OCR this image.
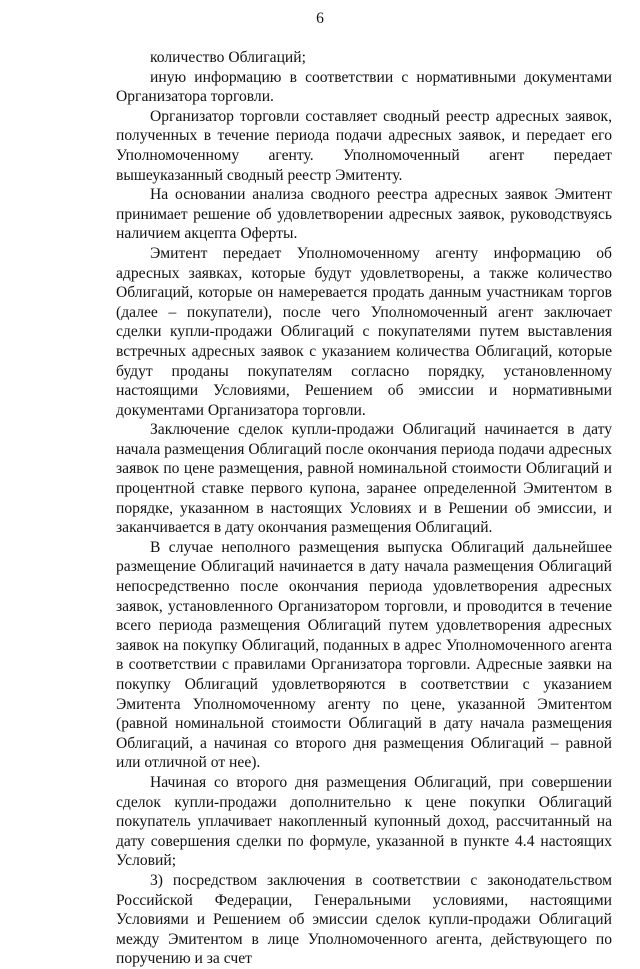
6

количество Облигаций;

иную информацию в соответствии с нормативными документами Организатора торговли.

Организатор торговли составляет сводный реестр адресных заявок, полученных в течение периода подачи адресных заявок, и передает его Уполномоченному агенту. Уполномоченный агент передает вышеуказанный сводный реестр Эмитенту.

На основании анализа сводного реестра адресных заявок Эмитент принимает решение об удовлетворении адресных заявок, руководствуясь наличием акцепта Оферты.

Эмитент передает Уполномоченному агенту информацию об адресных заявках, которые будут удовлетворены, а также количество Облигаций, которые он намеревается продать данным участникам торгов (далее – покупатели), после чего Уполномоченный агент заключает сделки купли-продажи Облигаций с покупателями путем выставления встречных адресных заявок с указанием количества Облигаций, которые будут проданы покупателям согласно порядку, установленному настоящими Условиями, Решением об эмиссии и нормативными документами Организатора торговли.

Заключение сделок купли-продажи Облигаций начинается в дату начала размещения Облигаций после окончания периода подачи адресных заявок по цене размещения, равной номинальной стоимости Облигаций и процентной ставке первого купона, заранее определенной Эмитентом в порядке, указанном в настоящих Условиях и в Решении об эмиссии, и заканчивается в дату окончания размещения Облигаций.

В случае неполного размещения выпуска Облигаций дальнейшее размещение Облигаций начинается в дату начала размещения Облигаций непосредственно после окончания периода удовлетворения адресных заявок, установленного Организатором торговли, и проводится в течение всего периода размещения Облигаций путем удовлетворения адресных заявок на покупку Облигаций, поданных в адрес Уполномоченного агента в соответствии с правилами Организатора торговли. Адресные заявки на покупку Облигаций удовлетворяются в соответствии с указанием Эмитента Уполномоченному агенту по цене, указанной Эмитентом (равной номинальной стоимости Облигаций в дату начала размещения Облигаций, а начиная со второго дня размещения Облигаций – равной или отличной от нее).

Начиная со второго дня размещения Облигаций, при совершении сделок купли-продажи дополнительно к цене покупки Облигаций покупатель уплачивает накопленный купонный доход, рассчитанный на дату совершения сделки по формуле, указанной в пункте 4.4 настоящих Условий;

3) посредством заключения в соответствии с законодательством Российской Федерации, Генеральными условиями, настоящими Условиями и Решением об эмиссии сделок купли-продажи Облигаций между Эмитентом в лице Уполномоченного агента, действующего по поручению и за счет
